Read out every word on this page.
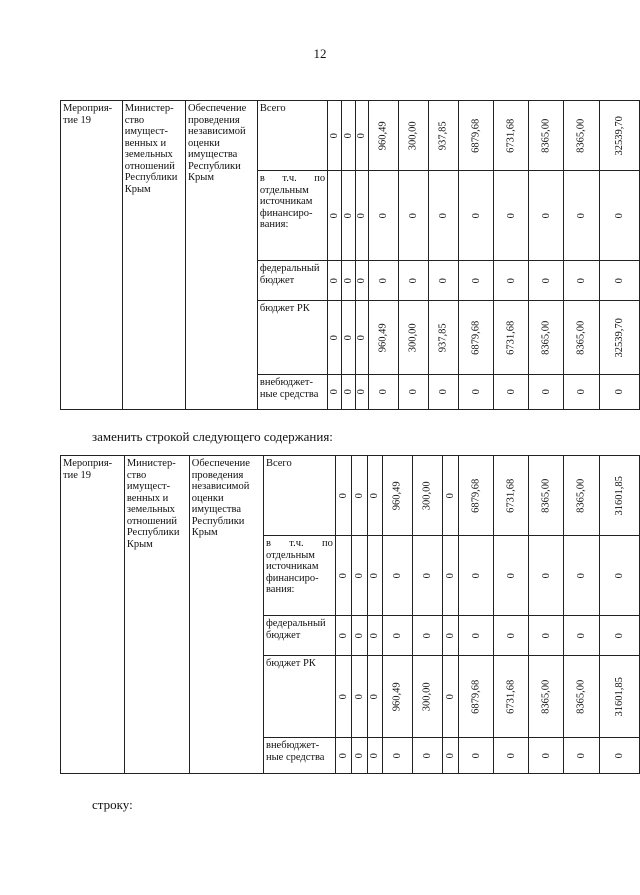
12
Мероприя-тие 19	Министер-ство имущест-венных и земельных отношений Республики Крым	Обеспечение проведения независимой оценки имущества Республики Крым	Всего	0	0	0	960,49	300,00	937,85	6879,68	6731,68	8365,00	8365,00	32539,70
			в т.ч. по отдельным источникам финансиро-вания:	0	0	0	0	0	0	0	0	0	0	0
			федеральный бюджет	0	0	0	0	0	0	0	0	0	0	0
			бюджет РК	0	0	0	960,49	300,00	937,85	6879,68	6731,68	8365,00	8365,00	32539,70
			внебюджет-ные средства	0	0	0	0	0	0	0	0	0	0	0
заменить строкой следующего содержания:
Мероприя-тие 19	Министер-ство имущест-венных и земельных отношений Республики Крым	Обеспечение проведения независимой оценки имущества Республики Крым	Всего	0	0	0	960,49	300,00	0	6879,68	6731,68	8365,00	8365,00	31601,85
			в т.ч. по отдельным источникам финансиро-вания:	0	0	0	0	0	0	0	0	0	0	0
			федеральный бюджет	0	0	0	0	0	0	0	0	0	0	0
			бюджет РК	0	0	0	960,49	300,00	0	6879,68	6731,68	8365,00	8365,00	31601,85
			внебюджет-ные средства	0	0	0	0	0	0	0	0	0	0	0
строку:
